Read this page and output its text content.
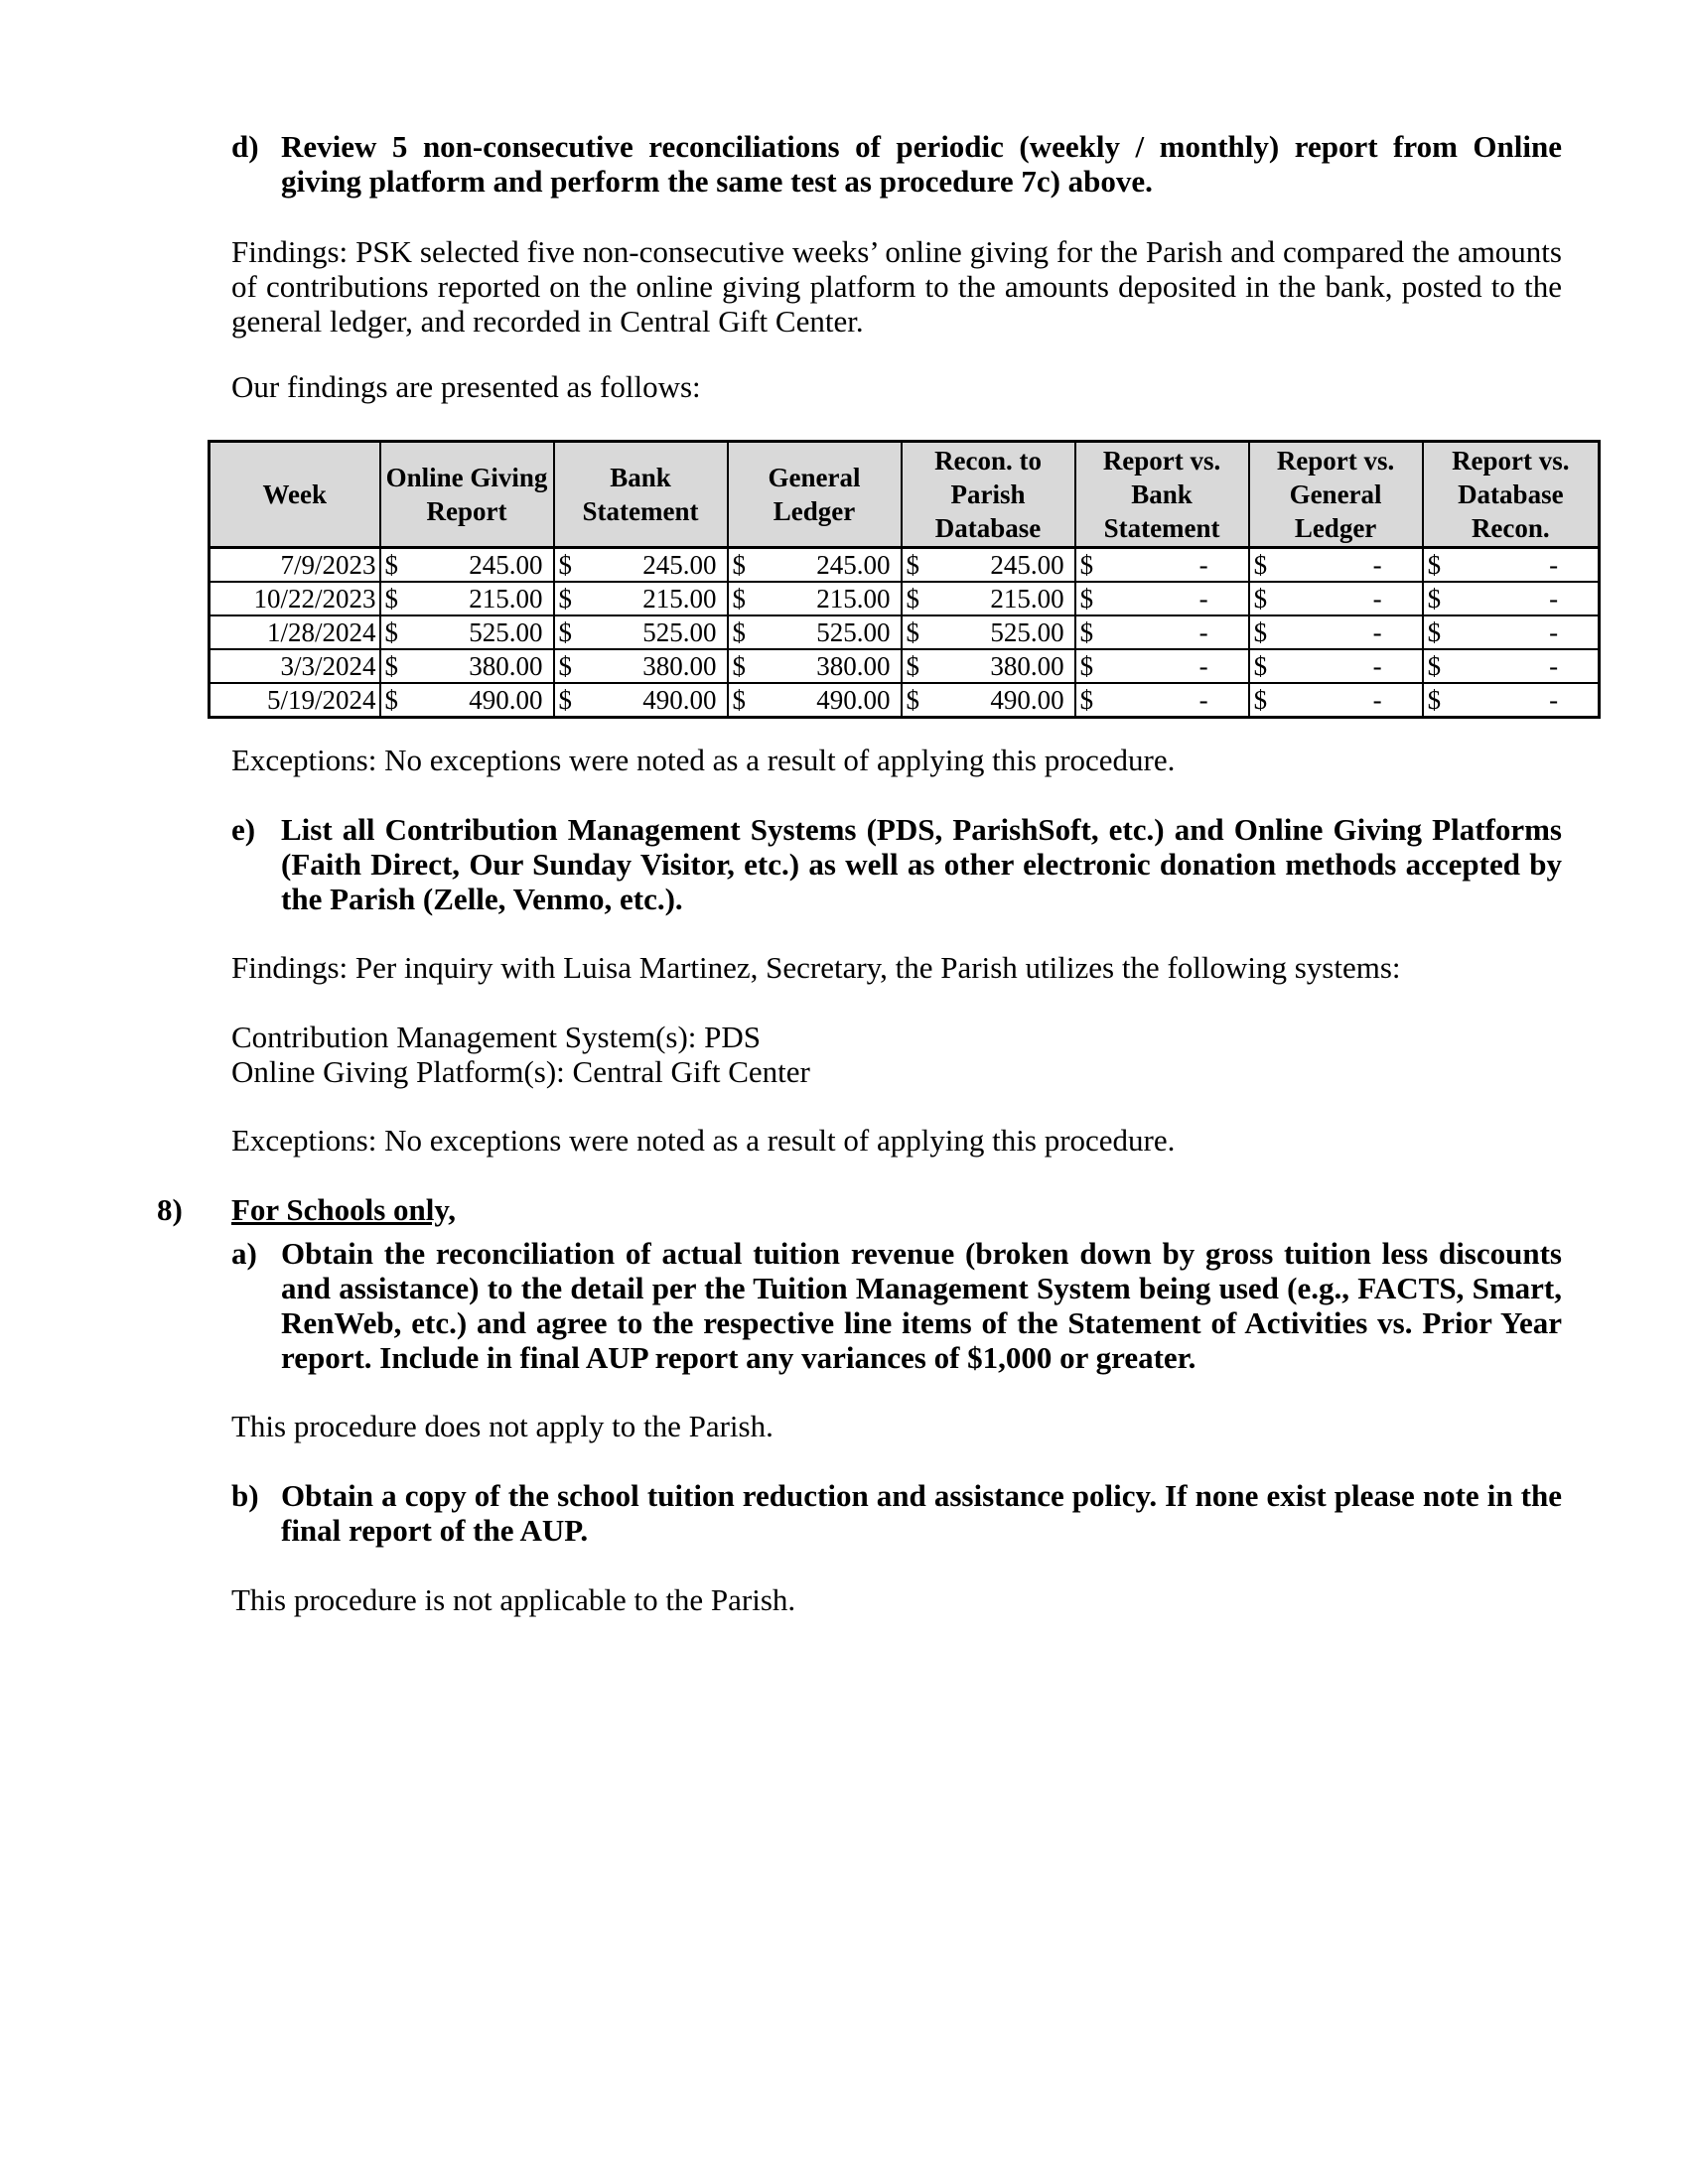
d) Review 5 non-consecutive reconciliations of periodic (weekly / monthly) report from Online giving platform and perform the same test as procedure 7c) above.

Findings: PSK selected five non-consecutive weeks’ online giving for the Parish and compared the amounts of contributions reported on the online giving platform to the amounts deposited in the bank, posted to the general ledger, and recorded in Central Gift Center.

Our findings are presented as follows:

Week	Online Giving Report		Bank Statement		General Ledger		Recon. to Parish Database		Report vs. Bank Statement		Report vs. General Ledger		Report vs. Database Recon.	
7/9/2023	$	245.00	$	245.00	$	245.00	$	245.00	$	-	$	-	$	-
10/22/2023	$	215.00	$	215.00	$	215.00	$	215.00	$	-	$	-	$	-
1/28/2024	$	525.00	$	525.00	$	525.00	$	525.00	$	-	$	-	$	-
3/3/2024	$	380.00	$	380.00	$	380.00	$	380.00	$	-	$	-	$	-
5/19/2024	$	490.00	$	490.00	$	490.00	$	490.00	$	-	$	-	$	-

Exceptions: No exceptions were noted as a result of applying this procedure.

e) List all Contribution Management Systems (PDS, ParishSoft, etc.) and Online Giving Platforms (Faith Direct, Our Sunday Visitor, etc.) as well as other electronic donation methods accepted by the Parish (Zelle, Venmo, etc.).

Findings: Per inquiry with Luisa Martinez, Secretary, the Parish utilizes the following systems:

Contribution Management System(s): PDS

Online Giving Platform(s): Central Gift Center

Exceptions: No exceptions were noted as a result of applying this procedure.

8) For Schools only,
a) Obtain the reconciliation of actual tuition revenue (broken down by gross tuition less discounts and assistance) to the detail per the Tuition Management System being used (e.g., FACTS, Smart, RenWeb, etc.) and agree to the respective line items of the Statement of Activities vs. Prior Year report. Include in final AUP report any variances of $1,000 or greater.

This procedure does not apply to the Parish.

b) Obtain a copy of the school tuition reduction and assistance policy. If none exist please note in the final report of the AUP.

This procedure is not applicable to the Parish.
